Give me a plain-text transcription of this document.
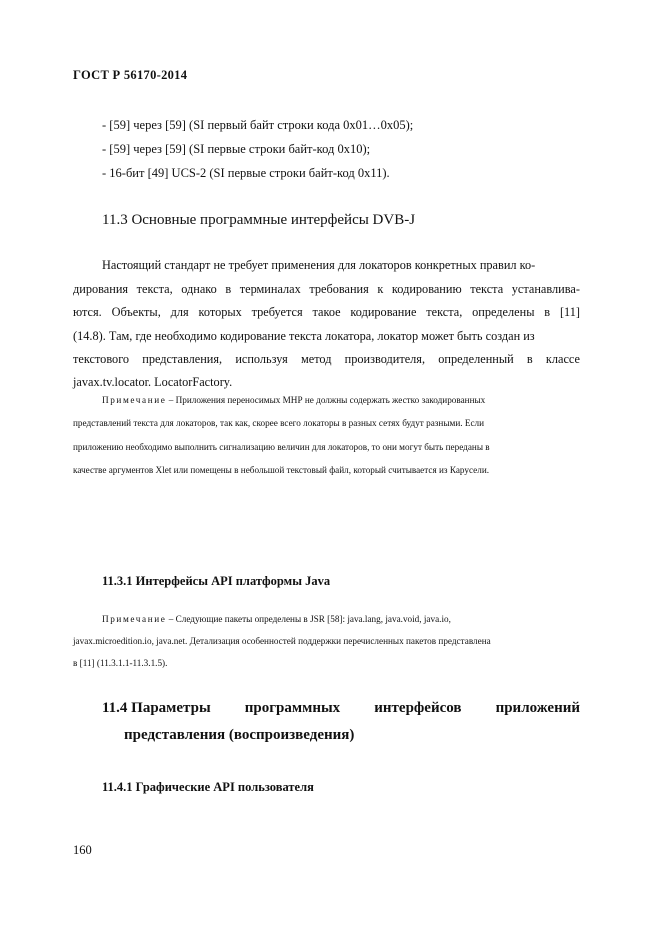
ГОСТ Р 56170-2014
- [59] через [59] (SI первый байт строки кода 0x01…0x05);
- [59] через [59] (SI первые строки байт-код 0x10);
- 16-бит [49] UCS-2 (SI первые строки байт-код 0x11).
11.3 Основные программные интерфейсы DVB-J
Настоящий стандарт не требует применения для локаторов конкретных правил ко-
дирования текста, однако в терминалах требования к кодированию текста устанавлива-
ются. Объекты, для которых требуется такое кодирование текста, определены в [11]
(14.8). Там, где необходимо кодирование текста локатора, локатор может быть создан из
текстового представления, используя метод производителя, определенный в классе
javax.tv.locator. LocatorFactory.
Примечание – Приложения переносимых МНР не должны содержать жестко закодированных
представлений текста для локаторов, так как, скорее всего локаторы в разных сетях будут разными. Если
приложению необходимо выполнить сигнализацию величин для локаторов, то они могут быть переданы в
качестве аргументов Xlet или помещены в небольшой текстовый файл, который считывается из Карусели.
11.3.1 Интерфейсы API платформы Java
Примечание – Следующие пакеты определены в JSR [58]: java.lang, java.void, java.io,
javax.microedition.io, java.net. Детализация особенностей поддержки перечисленных пакетов представлена
в [11] (11.3.1.1-11.3.1.5).
11.4 Параметры программных интерфейсов приложений
представления (воспроизведения)
11.4.1 Графические API пользователя
160
